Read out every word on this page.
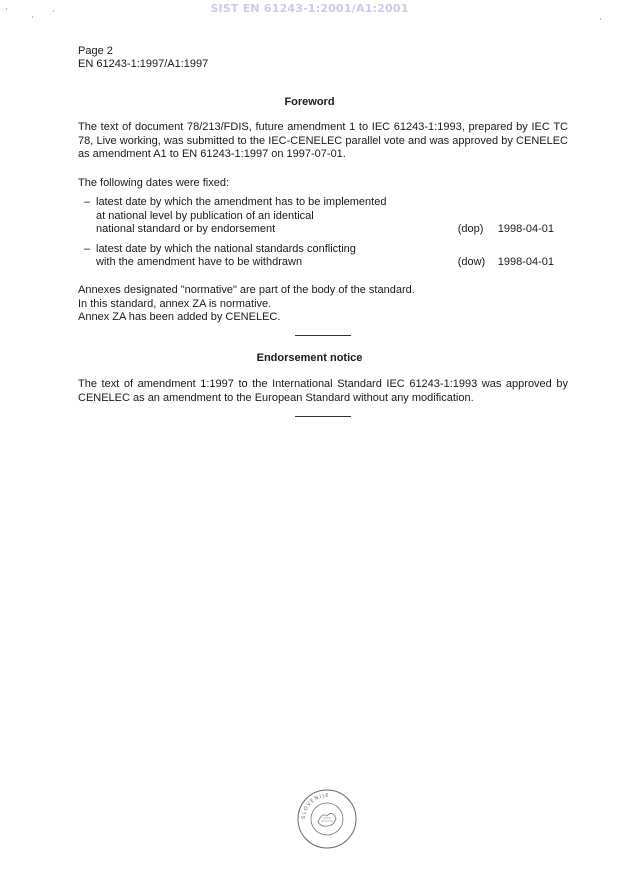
SIST EN 61243-1:2001/A1:2001
Page 2
EN 61243-1:1997/A1:1997
Foreword
The text of document 78/213/FDIS, future amendment 1 to IEC 61243-1:1993, prepared by IEC TC 78, Live working, was submitted to the IEC-CENELEC parallel vote and was approved by CENELEC as amendment A1 to EN 61243-1:1997 on 1997-07-01.
The following dates were fixed:
– latest date by which the amendment has to be implemented
at national level by publication of an identical
national standard or by endorsement	(dop) 1998-04-01
– latest date by which the national standards conflicting
with the amendment have to be withdrawn	(dow) 1998-04-01
Annexes designated "normative" are part of the body of the standard.
In this standard, annex ZA is normative.
Annex ZA has been added by CENELEC.
Endorsement notice
The text of amendment 1:1997 to the International Standard IEC 61243-1:1993 was approved by CENELEC as an amendment to the European Standard without any modification.
SLOVENIJE
